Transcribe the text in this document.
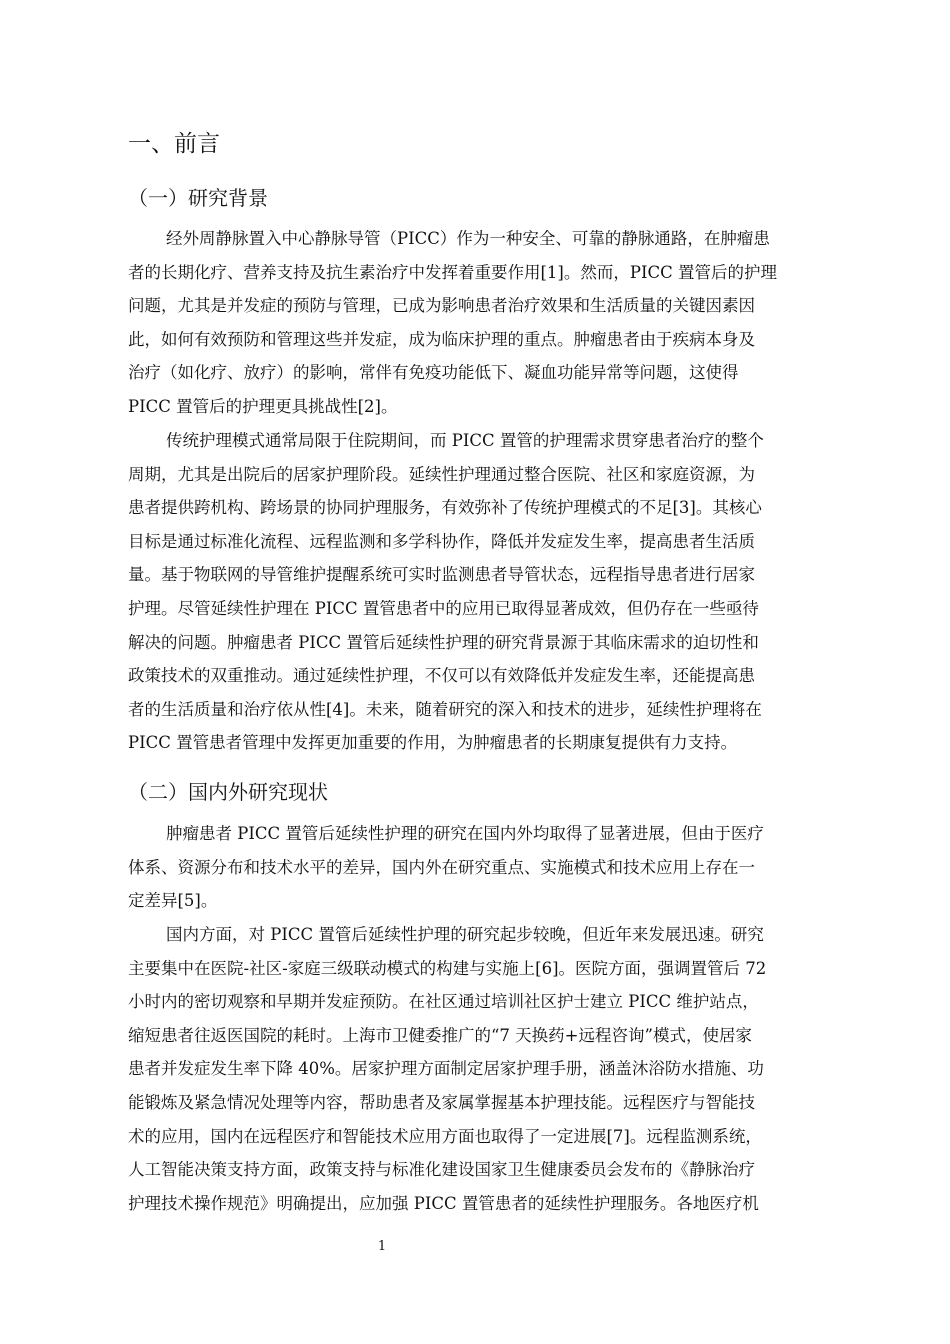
一、前言
（一）研究背景

经外周静脉置入中心静脉导管（PICC）作为一种安全、可靠的静脉通路，在肿瘤患
者的长期化疗、营养支持及抗生素治疗中发挥着重要作用[1]。然而，PICC 置管后的护理
问题，尤其是并发症的预防与管理，已成为影响患者治疗效果和生活质量的关键因素因
此，如何有效预防和管理这些并发症，成为临床护理的重点。肿瘤患者由于疾病本身及
治疗（如化疗、放疗）的影响，常伴有免疫功能低下、凝血功能异常等问题，这使得
PICC 置管后的护理更具挑战性[2]。

传统护理模式通常局限于住院期间，而 PICC 置管的护理需求贯穿患者治疗的整个
周期，尤其是出院后的居家护理阶段。延续性护理通过整合医院、社区和家庭资源，为
患者提供跨机构、跨场景的协同护理服务，有效弥补了传统护理模式的不足[3]。其核心
目标是通过标准化流程、远程监测和多学科协作，降低并发症发生率，提高患者生活质
量。基于物联网的导管维护提醒系统可实时监测患者导管状态，远程指导患者进行居家
护理。尽管延续性护理在 PICC 置管患者中的应用已取得显著成效，但仍存在一些亟待
解决的问题。肿瘤患者 PICC 置管后延续性护理的研究背景源于其临床需求的迫切性和
政策技术的双重推动。通过延续性护理，不仅可以有效降低并发症发生率，还能提高患
者的生活质量和治疗依从性[4]。未来，随着研究的深入和技术的进步，延续性护理将在
PICC 置管患者管理中发挥更加重要的作用，为肿瘤患者的长期康复提供有力支持。

（二）国内外研究现状

肿瘤患者 PICC 置管后延续性护理的研究在国内外均取得了显著进展，但由于医疗
体系、资源分布和技术水平的差异，国内外在研究重点、实施模式和技术应用上存在一
定差异[5]。

国内方面，对 PICC 置管后延续性护理的研究起步较晚，但近年来发展迅速。研究
主要集中在医院-社区-家庭三级联动模式的构建与实施上[6]。医院方面，强调置管后 72
小时内的密切观察和早期并发症预防。在社区通过培训社区护士建立 PICC 维护站点，
缩短患者往返医国院的耗时。上海市卫健委推广的“7 天换药+远程咨询”模式，使居家
患者并发症发生率下降 40%。居家护理方面制定居家护理手册，涵盖沐浴防水措施、功
能锻炼及紧急情况处理等内容，帮助患者及家属掌握基本护理技能。远程医疗与智能技
术的应用，国内在远程医疗和智能技术应用方面也取得了一定进展[7]。远程监测系统，
人工智能决策支持方面，政策支持与标准化建设国家卫生健康委员会发布的《静脉治疗
护理技术操作规范》明确提出，应加强 PICC 置管患者的延续性护理服务。各地医疗机

1
